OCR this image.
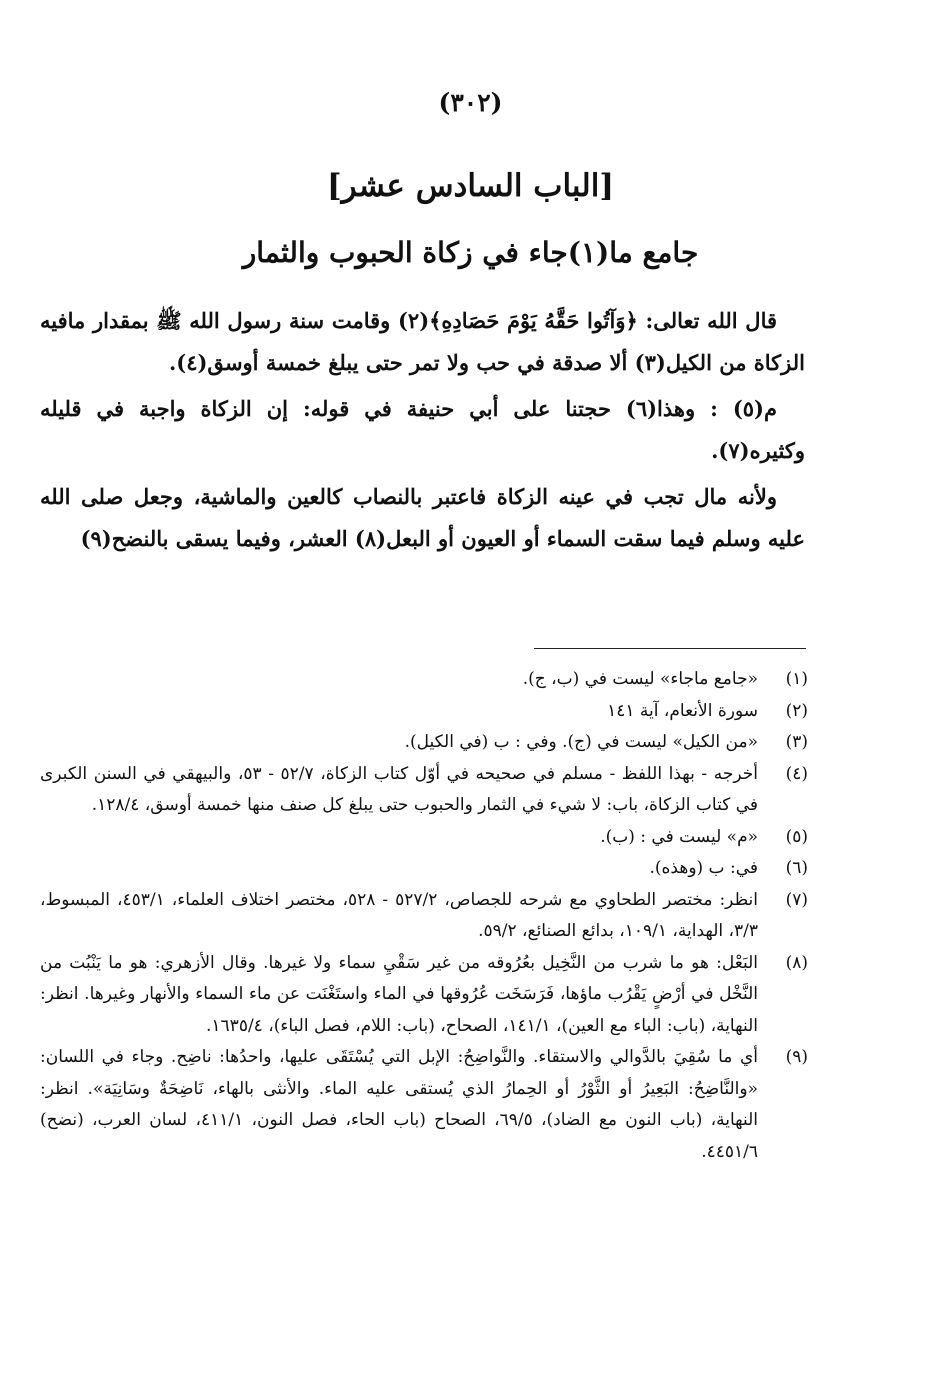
(٣٠٢)
[الباب السادس عشر]
جامع ما(١)جاء في زكاة الحبوب والثمار

قال الله تعالى: ﴿وَآتُوا حَقَّهُ يَوْمَ حَصَادِهِ﴾(٢) وقامت سنة رسول الله ﷺ بمقدار مافيه الزكاة من الكيل(٣) ألا صدقة في حب ولا تمر حتى يبلغ خمسة أوسق(٤).

م(٥) : وهذا(٦) حجتنا على أبي حنيفة في قوله: إن الزكاة واجبة في قليله وكثيره(٧).

ولأنه مال تجب في عينه الزكاة فاعتبر بالنصاب كالعين والماشية، وجعل صلى الله عليه وسلم فيما سقت السماء أو العيون أو البعل(٨) العشر، وفيما يسقى بالنضح(٩)

(١)
«جامع ماجاء» ليست في (ب، ج).
(٢)
سورة الأنعام، آية ١٤١
(٣)
«من الكيل» ليست في (ج). وفي : ب (في الكيل).
(٤)
أخرجه - بهذا اللفظ - مسلم في صحيحه في أوّل كتاب الزكاة، ٥٢/٧ - ٥٣، والبيهقي في السنن الكبرى في كتاب الزكاة، باب: لا شيء في الثمار والحبوب حتى يبلغ كل صنف منها خمسة أوسق، ١٢٨/٤.
(٥)
«م» ليست في : (ب).
(٦)
في: ب (وهذه).
(٧)
انظر: مختصر الطحاوي مع شرحه للجصاص، ٥٢٧/٢ - ٥٢٨، مختصر اختلاف العلماء، ٤٥٣/١، المبسوط، ٣/٣، الهداية، ١٠٩/١، بدائع الصنائع، ٥٩/٢.
(٨)
البَعْل: هو ما شرب من النَّخِيل بعُرُوقه من غير سَقْيِ سماء ولا غيرها. وقال الأزهري: هو ما يَنْبُت من النَّخْل في أرْضٍ يَقْرُب ماؤها، فَرَسَخَت عُرُوقها في الماء واستَغْنَت عن ماء السماء والأنهار وغيرها. انظر: النهاية، (باب: الباء مع العين)، ١٤١/١، الصحاح، (باب: اللام، فصل الباء)، ١٦٣٥/٤.
(٩)
أي ما سُقِيَ بالدَّوالي والاستقاء. والنَّواضِحُ: الإبل التي يُسْتَقَى عليها، واحدُها: ناضِح. وجاء في اللسان: «والنَّاضِحُ: البَعِيرُ أو الثَّوْرُ أو الحِمارُ الذي يُستقى عليه الماء. والأنثى بالهاء، نَاضِحَةٌ وسَانِيَة». انظر: النهاية، (باب النون مع الضاد)، ٦٩/٥، الصحاح (باب الحاء، فصل النون، ٤١١/١، لسان العرب، (نضح) ٤٤٥١/٦.
